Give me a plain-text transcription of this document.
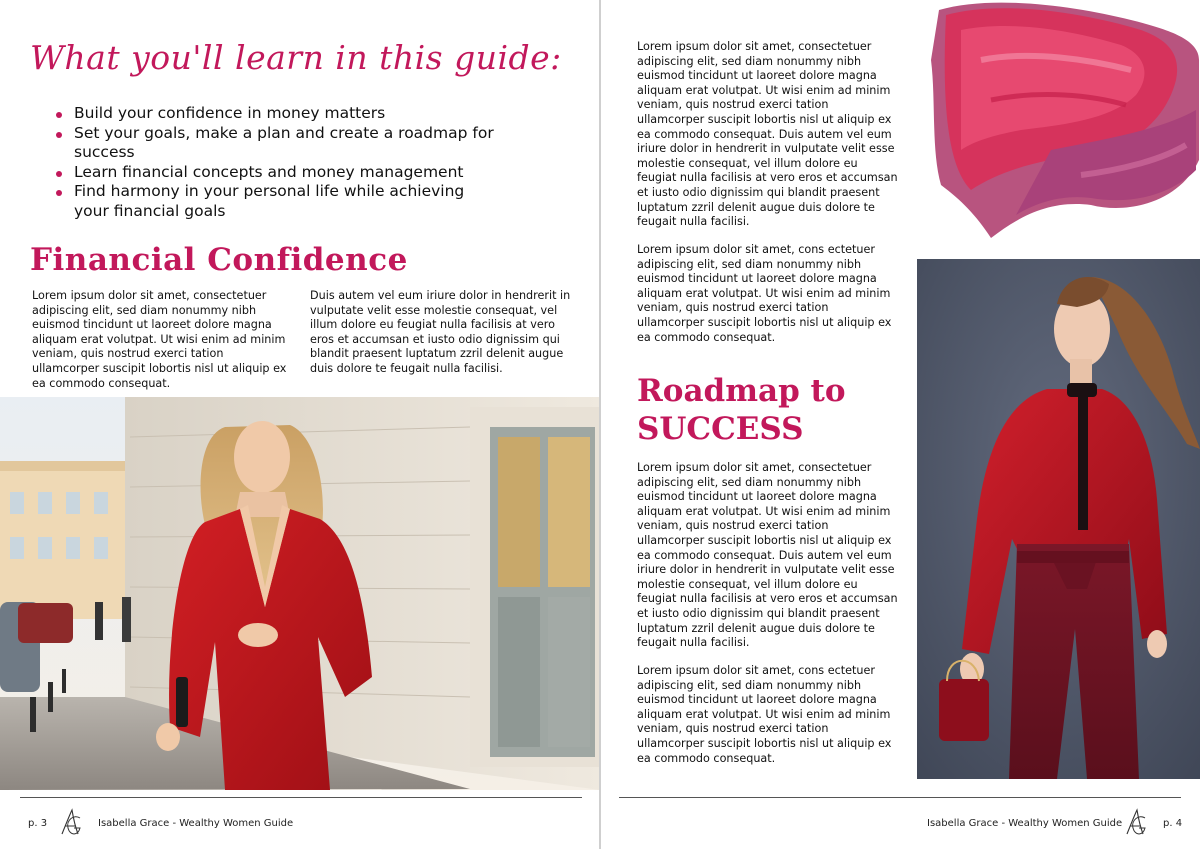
What you'll learn in this guide:
Build your confidence in money matters
Set your goals, make a plan and create a roadmap for success
Learn financial concepts and money management
Find harmony in your personal life while achieving your financial goals
Financial Confidence

Lorem ipsum dolor sit amet, consectetuer adipiscing elit, sed diam nonummy nibh euismod tincidunt ut laoreet dolore magna aliquam erat volutpat. Ut wisi enim ad minim veniam, quis nostrud exerci tation ullamcorper suscipit lobortis nisl ut aliquip ex ea commodo consequat.

Duis autem vel eum iriure dolor in hendrerit in vulputate velit esse molestie consequat, vel illum dolore eu feugiat nulla facilisis at vero eros et accumsan et iusto odio dignissim qui blandit praesent luptatum zzril delenit augue duis dolore te feugait nulla facilisi.

p. 3	Isabella Grace - Wealthy Women Guide

Lorem ipsum dolor sit amet, consectetuer adipiscing elit, sed diam nonummy nibh euismod tincidunt ut laoreet dolore magna aliquam erat volutpat. Ut wisi enim ad minim veniam, quis nostrud exerci tation ullamcorper suscipit lobortis nisl ut aliquip ex ea commodo consequat. Duis autem vel eum iriure dolor in hendrerit in vulputate velit esse molestie consequat, vel illum dolore eu feugiat nulla facilisis at vero eros et accumsan et iusto odio dignissim qui blandit praesent luptatum zzril delenit augue duis dolore te feugait nulla facilisi.

Lorem ipsum dolor sit amet, cons ectetuer adipiscing elit, sed diam nonummy nibh euismod tincidunt ut laoreet dolore magna aliquam erat volutpat. Ut wisi enim ad minim veniam, quis nostrud exerci tation ullamcorper suscipit lobortis nisl ut aliquip ex ea commodo consequat.

Roadmap to
SUCCESS

Lorem ipsum dolor sit amet, consectetuer adipiscing elit, sed diam nonummy nibh euismod tincidunt ut laoreet dolore magna aliquam erat volutpat. Ut wisi enim ad minim veniam, quis nostrud exerci tation ullamcorper suscipit lobortis nisl ut aliquip ex ea commodo consequat. Duis autem vel eum iriure dolor in hendrerit in vulputate velit esse molestie consequat, vel illum dolore eu feugiat nulla facilisis at vero eros et accumsan et iusto odio dignissim qui blandit praesent luptatum zzril delenit augue duis dolore te feugait nulla facilisi.

Lorem ipsum dolor sit amet, cons ectetuer adipiscing elit, sed diam nonummy nibh euismod tincidunt ut laoreet dolore magna aliquam erat volutpat. Ut wisi enim ad minim veniam, quis nostrud exerci tation ullamcorper suscipit lobortis nisl ut aliquip ex ea commodo consequat.

Isabella Grace - Wealthy Women Guide	p. 4
